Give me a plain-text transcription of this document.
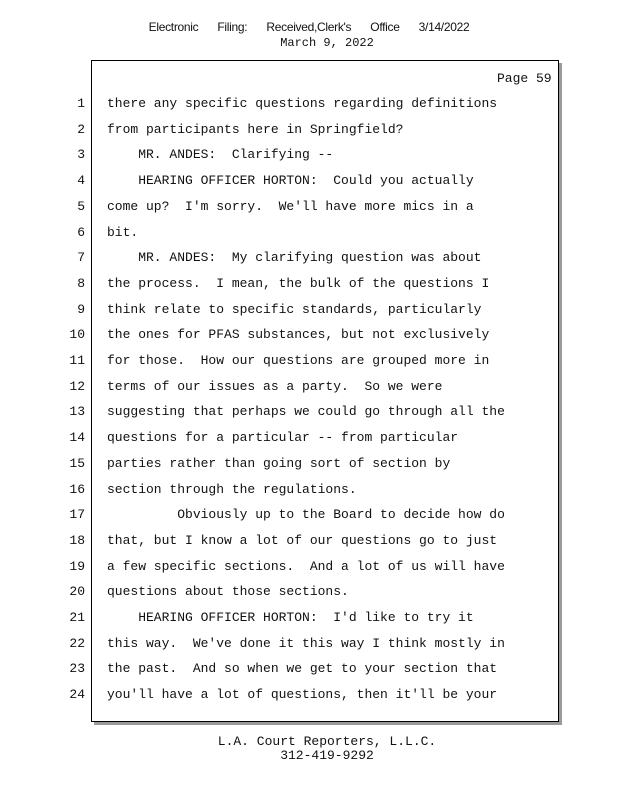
Electronic Filing: Received,Clerk's Office 3/14/2022
March 9, 2022
Page 59
1 there any specific questions regarding definitions
2 from participants here in Springfield?
3 MR. ANDES:  Clarifying --
4 HEARING OFFICER HORTON:  Could you actually
5 come up?  I'm sorry.  We'll have more mics in a
6 bit.
7 MR. ANDES:  My clarifying question was about
8 the process.  I mean, the bulk of the questions I
9 think relate to specific standards, particularly
10 the ones for PFAS substances, but not exclusively
11 for those.  How our questions are grouped more in
12 terms of our issues as a party.  So we were
13 suggesting that perhaps we could go through all the
14 questions for a particular -- from particular
15 parties rather than going sort of section by
16 section through the regulations.
17 Obviously up to the Board to decide how do
18 that, but I know a lot of our questions go to just
19 a few specific sections.  And a lot of us will have
20 questions about those sections.
21 HEARING OFFICER HORTON:  I'd like to try it
22 this way.  We've done it this way I think mostly in
23 the past.  And so when we get to your section that
24 you'll have a lot of questions, then it'll be your
L.A. Court Reporters, L.L.C.
312-419-9292
